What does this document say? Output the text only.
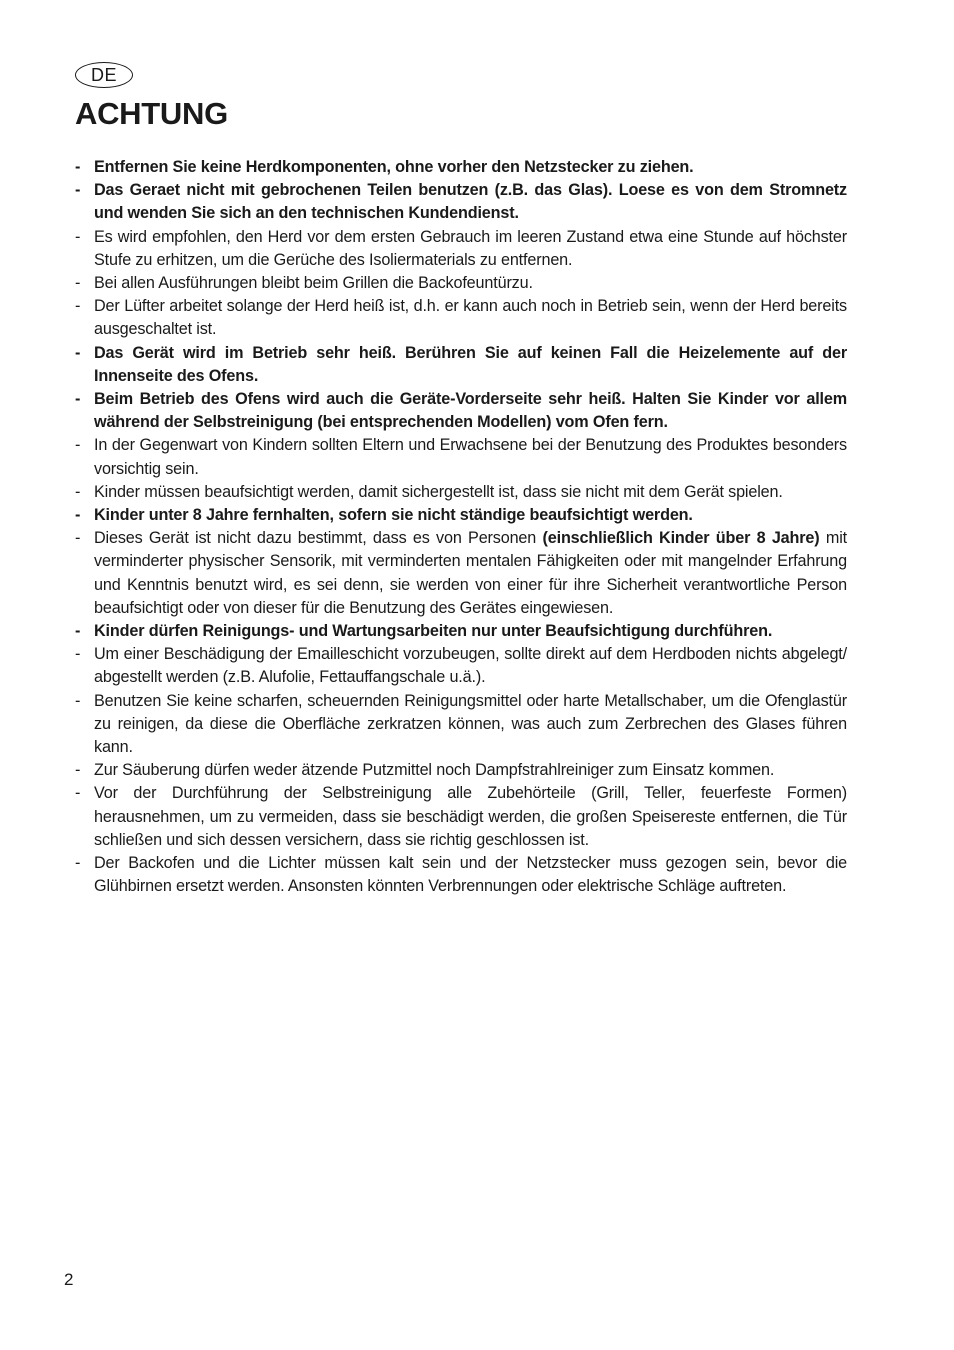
DE
ACHTUNG
- Entfernen Sie keine Herdkomponenten, ohne vorher den Netzstecker zu ziehen.
- Das Geraet nicht mit gebrochenen Teilen benutzen (z.B. das Glas). Loese es von dem Stromnetz und wenden Sie sich an den technischen Kundendienst.
- Es wird empfohlen, den Herd vor dem ersten Gebrauch im leeren Zustand etwa eine Stunde auf höchster Stufe zu erhitzen, um die Gerüche des Isoliermaterials zu entfernen.
- Bei allen Ausführungen bleibt beim Grillen die Backofeuntürzu.
- Der Lüfter arbeitet solange der Herd heiß ist, d.h. er kann auch noch in Betrieb sein, wenn der Herd bereits ausgeschaltet ist.
- Das Gerät wird im Betrieb sehr heiß. Berühren Sie auf keinen Fall die Heizelemente auf der Innenseite des Ofens.
- Beim Betrieb des Ofens wird auch die Geräte-Vorderseite sehr heiß. Halten Sie Kinder vor allem während der Selbstreinigung (bei entsprechenden Modellen) vom Ofen fern.
- In der Gegenwart von Kindern sollten Eltern und Erwachsene bei der Benutzung des Produktes besonders vorsichtig sein.
- Kinder müssen beaufsichtigt werden, damit sichergestellt ist, dass sie nicht mit dem Gerät spielen.
- Kinder unter 8 Jahre fernhalten, sofern sie nicht ständige beaufsichtigt werden.
- Dieses Gerät ist nicht dazu bestimmt, dass es von Personen (einschließlich Kinder über 8 Jahre) mit verminderter physischer Sensorik, mit verminderten mentalen Fähigkeiten oder mit mangelnder Erfahrung und Kenntnis benutzt wird, es sei denn, sie werden von einer für ihre Sicherheit verantwortliche Person beaufsichtigt oder von dieser für die Benutzung des Gerätes eingewiesen.
- Kinder dürfen Reinigungs- und Wartungsarbeiten nur unter Beaufsichtigung durchführen.
- Um einer Beschädigung der Emailleschicht vorzubeugen, sollte direkt auf dem Herdboden nichts abgelegt/ abgestellt werden (z.B. Alufolie, Fettauffangschale u.ä.).
- Benutzen Sie keine scharfen, scheuernden Reinigungsmittel oder harte Metallschaber, um die Ofenglastür zu reinigen, da diese die Oberfläche zerkratzen können, was auch zum Zerbrechen des Glases führen kann.
- Zur Säuberung dürfen weder ätzende Putzmittel noch Dampfstrahlreiniger zum Einsatz kommen.
- Vor der Durchführung der Selbstreinigung alle Zubehörteile (Grill, Teller, feuerfeste Formen) herausnehmen, um zu vermeiden, dass sie beschädigt werden, die großen Speisereste entfernen, die Tür schließen und sich dessen versichern, dass sie richtig geschlossen ist.
- Der Backofen und die Lichter müssen kalt sein und der Netzstecker muss gezogen sein, bevor die Glühbirnen ersetzt werden. Ansonsten könnten Verbrennungen oder elektrische Schläge auftreten.
2
